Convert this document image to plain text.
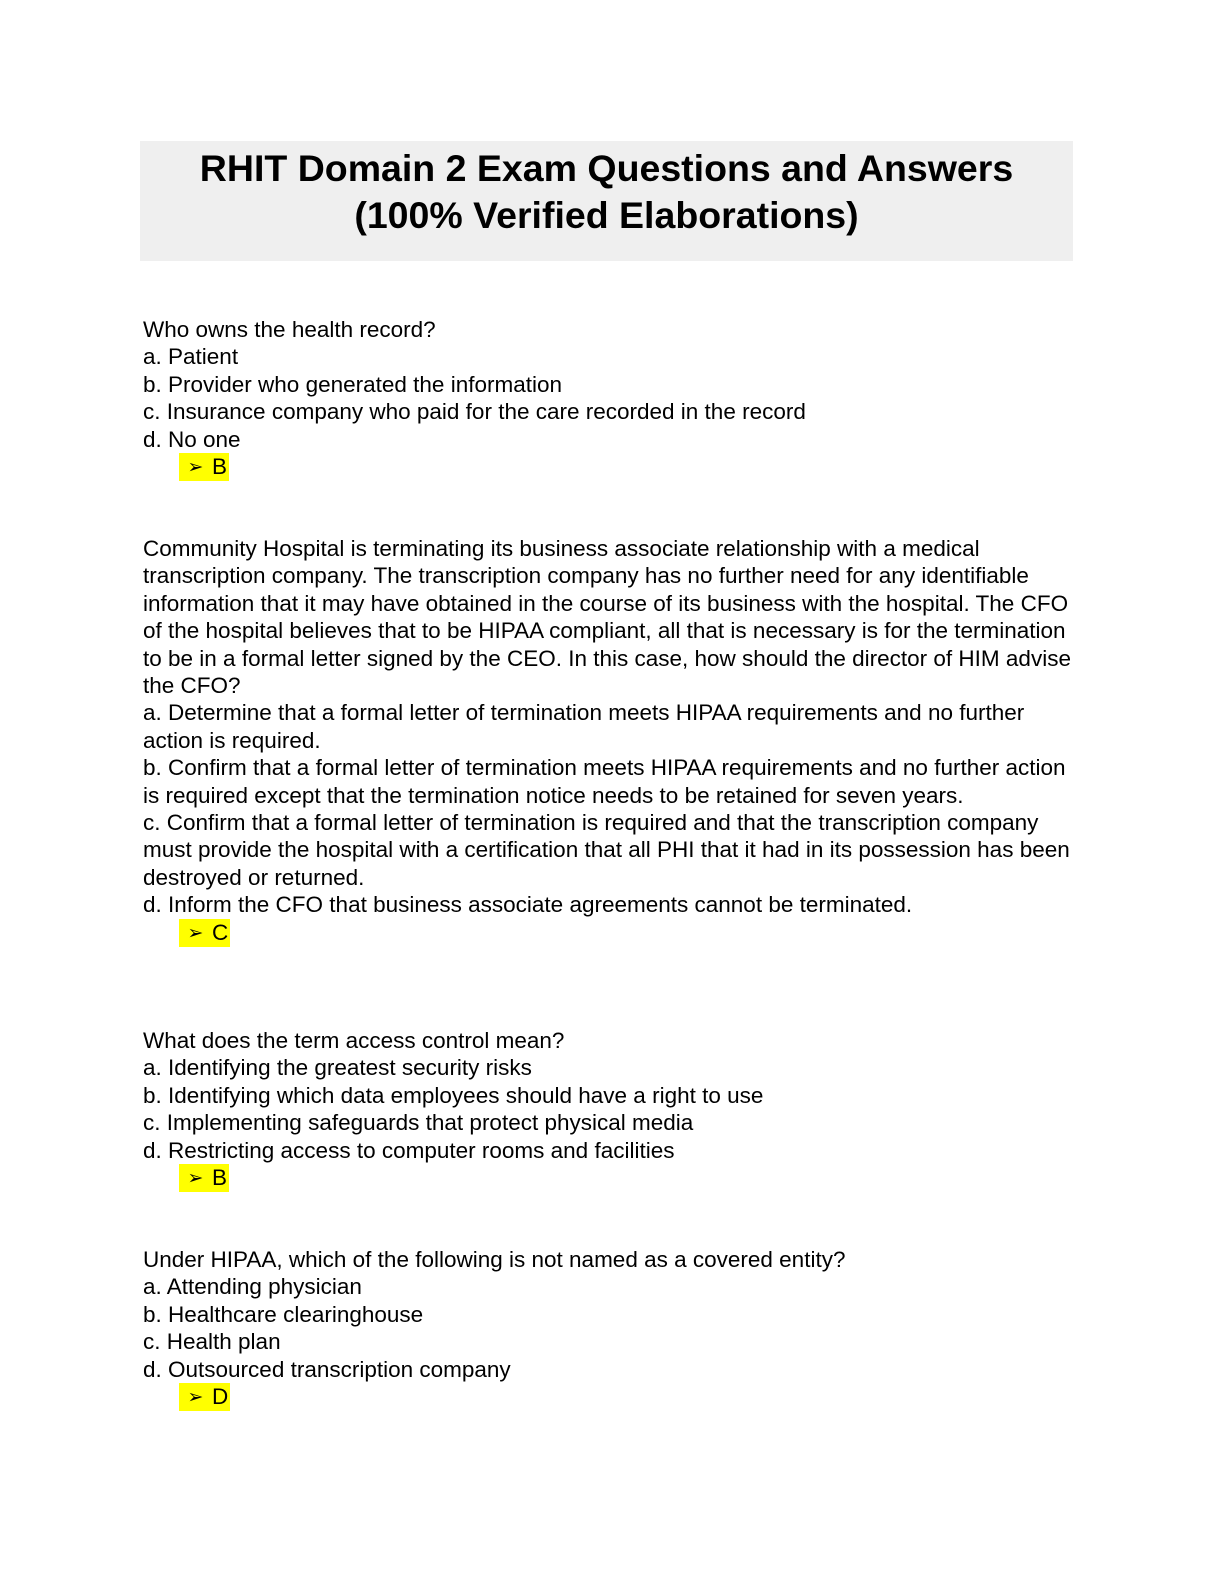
RHIT Domain 2 Exam Questions and Answers

(100% Verified Elaborations)

Who owns the health record?

a. Patient

b. Provider who generated the information

c. Insurance company who paid for the care recorded in the record

d. No one

➢ B

Community Hospital is terminating its business associate relationship with a medical transcription company. The transcription company has no further need for any identifiable information that it may have obtained in the course of its business with the hospital. The CFO of the hospital believes that to be HIPAA compliant, all that is necessary is for the termination to be in a formal letter signed by the CEO. In this case, how should the director of HIM advise the CFO?

a. Determine that a formal letter of termination meets HIPAA requirements and no further action is required.

b. Confirm that a formal letter of termination meets HIPAA requirements and no further action is required except that the termination notice needs to be retained for seven years.

c. Confirm that a formal letter of termination is required and that the transcription company must provide the hospital with a certification that all PHI that it had in its possession has been destroyed or returned.

d. Inform the CFO that business associate agreements cannot be terminated.

➢ C

What does the term access control mean?

a. Identifying the greatest security risks

b. Identifying which data employees should have a right to use

c. Implementing safeguards that protect physical media

d. Restricting access to computer rooms and facilities

➢ B

Under HIPAA, which of the following is not named as a covered entity?

a. Attending physician

b. Healthcare clearinghouse

c. Health plan

d. Outsourced transcription company

➢ D
